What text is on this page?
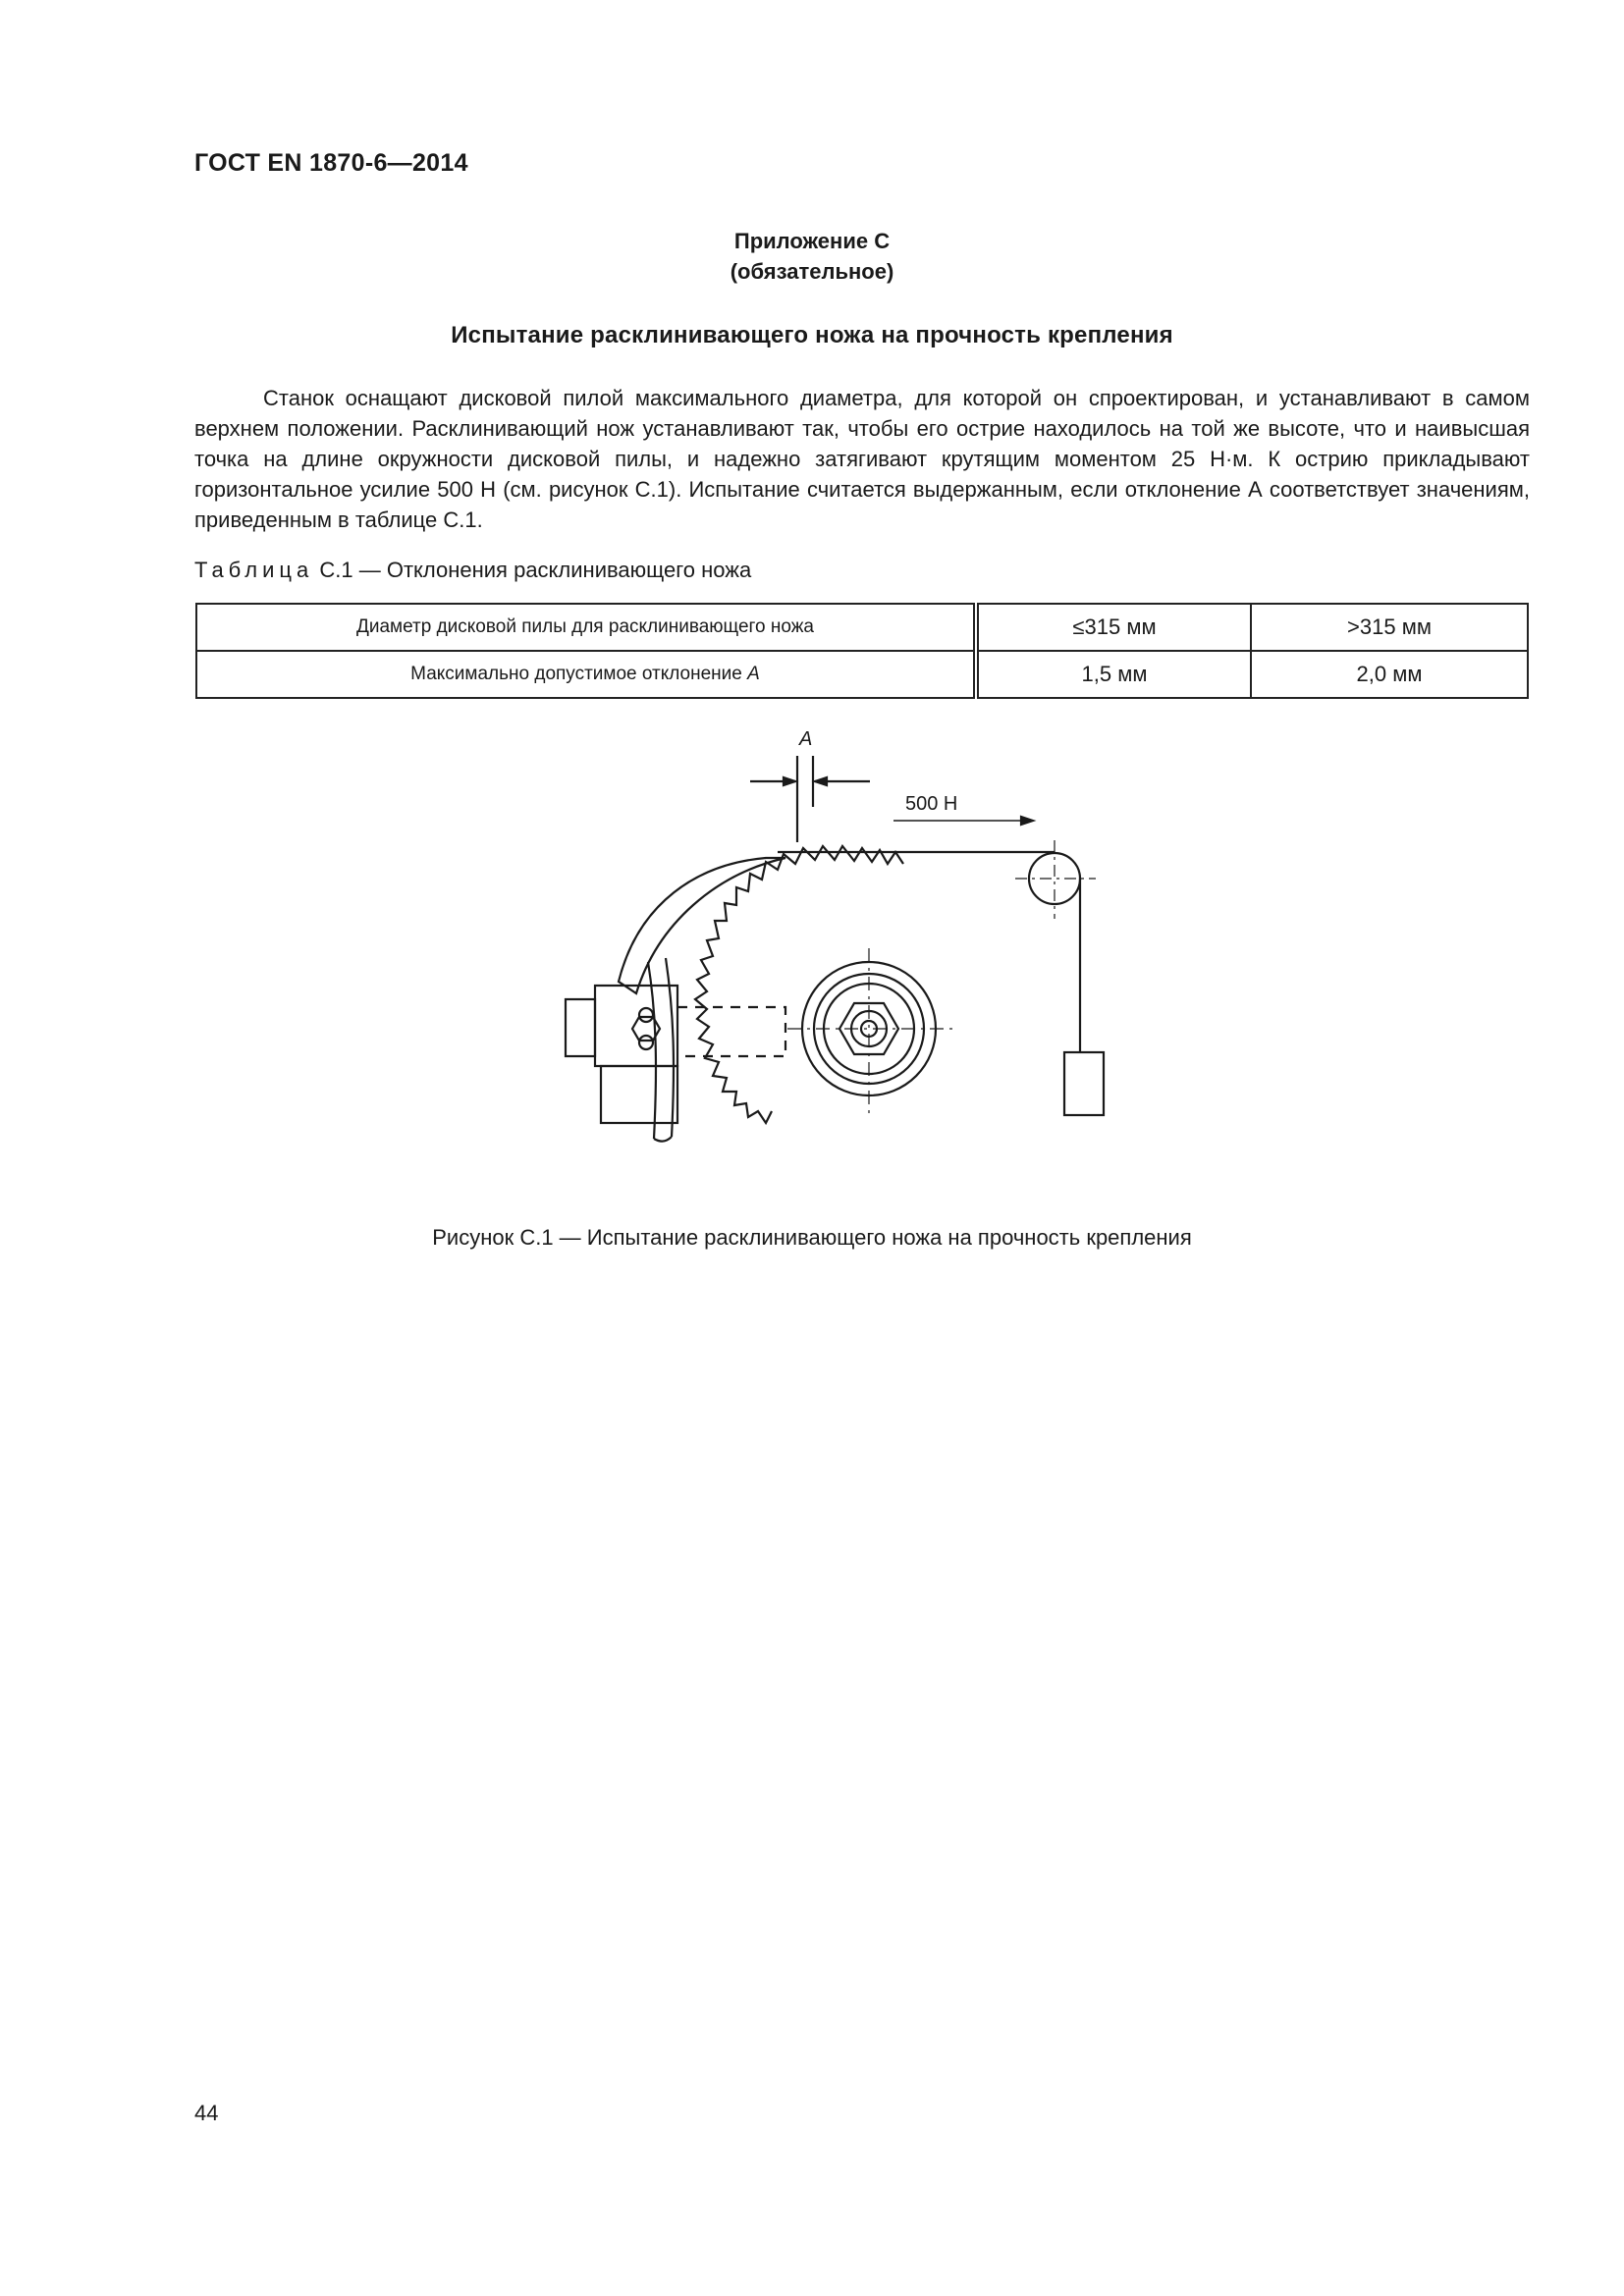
ГОСТ EN 1870-6—2014
Приложение С
(обязательное)
Испытание расклинивающего ножа на прочность крепления

Станок оснащают дисковой пилой максимального диаметра, для которой он спроектирован, и устанавливают в самом верхнем положении. Расклинивающий нож устанавливают так, чтобы его острие находилось на той же высоте, что и наивысшая точка на длине окружности дисковой пилы, и надежно затягивают крутящим моментом 25 Н·м. К острию прикладывают горизонтальное усилие 500 Н (см. рисунок С.1). Испытание считается выдержанным, если отклонение А соответствует значениям, приведенным в таблице С.1.

Таблица С.1 — Отклонения расклинивающего ножа
Диаметр дисковой пилы для расклинивающего ножа	≤315 мм	>315 мм
Максимально допустимое отклонение A	1,5 мм	2,0 мм
A
500 Н
Рисунок С.1 — Испытание расклинивающего ножа на прочность крепления
44
